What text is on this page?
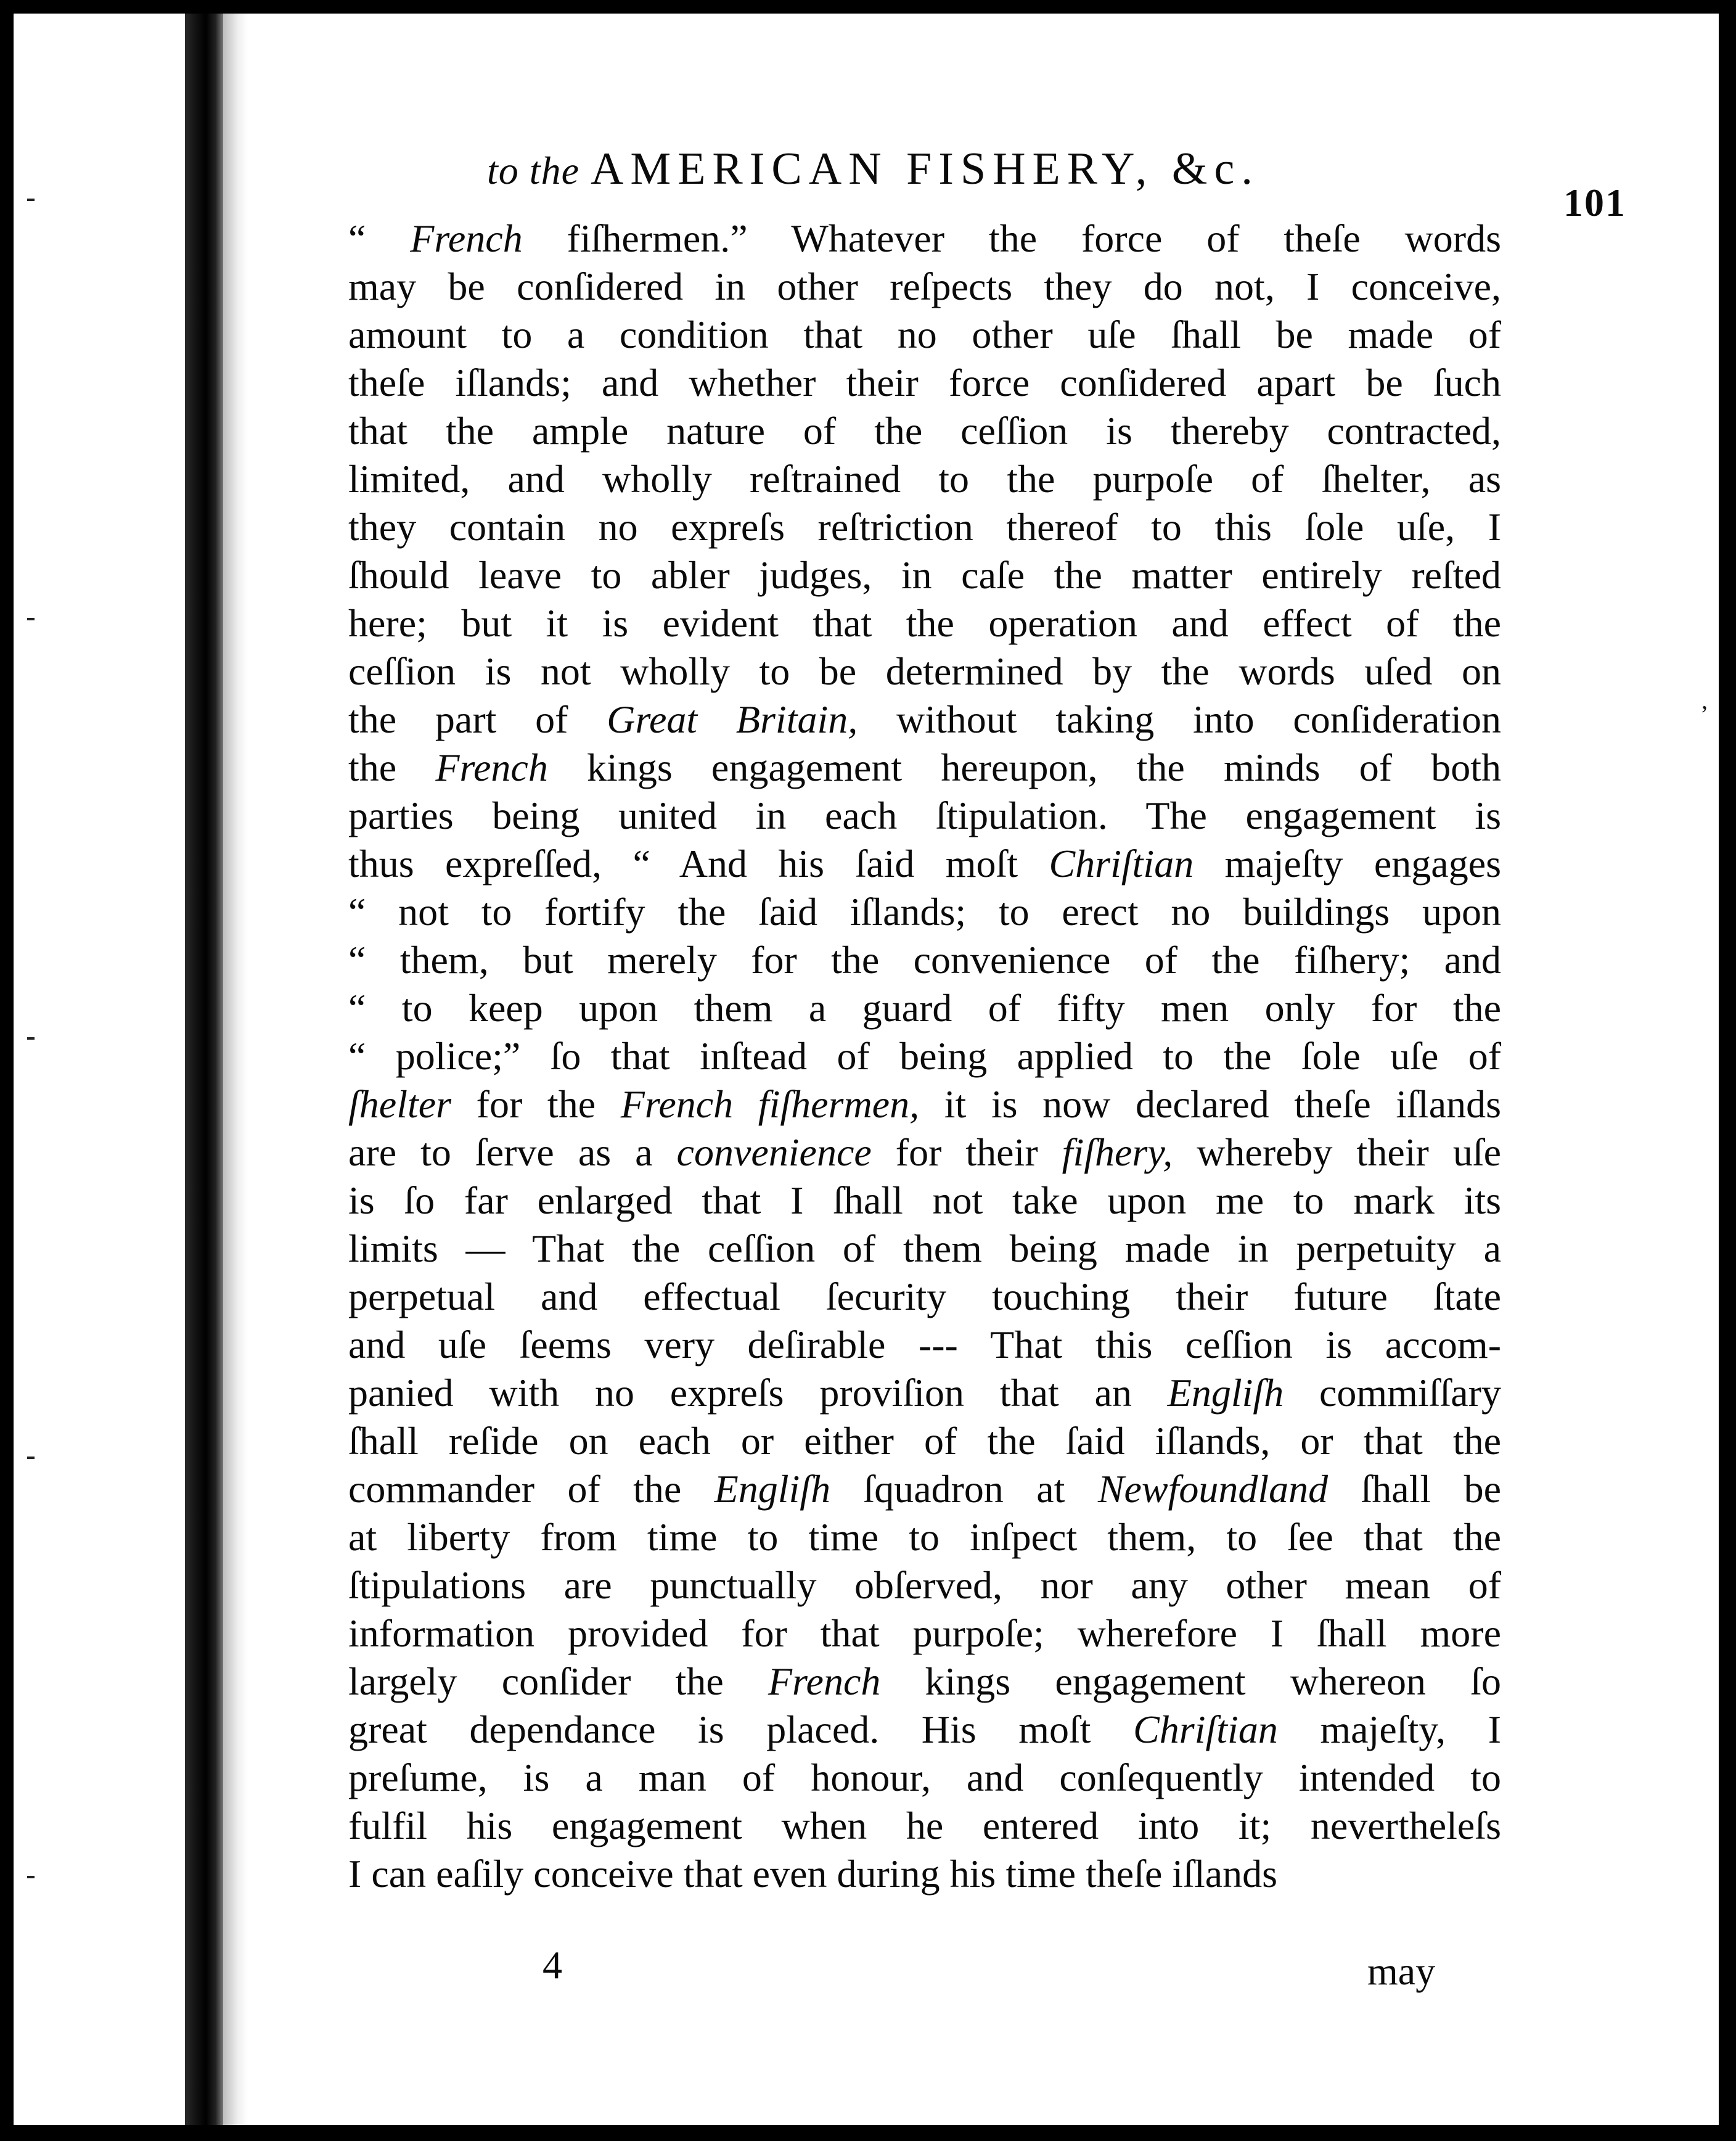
to the AMERICAN FISHERY, &c.
101
“ French fiſhermen.” Whatever the force of theſe words
may be conſidered in other reſpects they do not, I conceive,
amount to a condition that no other uſe ſhall be made of
theſe iſlands; and whether their force conſidered apart be ſuch
that the ample nature of the ceſſion is thereby contracted,
limited, and wholly reſtrained to the purpoſe of ſhelter, as
they contain no expreſs reſtriction thereof to this ſole uſe, I
ſhould leave to abler judges, in caſe the matter entirely reſted
here; but it is evident that the operation and effect of the
ceſſion is not wholly to be determined by the words uſed on
the part of Great Britain, without taking into conſideration
the French kings engagement hereupon, the minds of both
parties being united in each ſtipulation. The engagement is
thus expreſſed, “ And his ſaid moſt Chriſtian majeſty engages
“ not to fortify the ſaid iſlands; to erect no buildings upon
“ them, but merely for the convenience of the fiſhery; and
“ to keep upon them a guard of fifty men only for the
“ police;” ſo that inſtead of being applied to the ſole uſe of
ſhelter for the French fiſhermen, it is now declared theſe iſlands
are to ſerve as a convenience for their fiſhery, whereby their uſe
is ſo far enlarged that I ſhall not take upon me to mark its
limits — That the ceſſion of them being made in perpetuity a
perpetual and effectual ſecurity touching their future ſtate
and uſe ſeems very deſirable --- That this ceſſion is accom-
panied with no expreſs proviſion that an Engliſh commiſſary
ſhall reſide on each or either of the ſaid iſlands, or that the
commander of the Engliſh ſquadron at Newfoundland ſhall be
at liberty from time to time to inſpect them, to ſee that the
ſtipulations are punctually obſerved, nor any other mean of
information provided for that purpoſe; wherefore I ſhall more
largely conſider the French kings engagement whereon ſo
great dependance is placed. His moſt Chriſtian majeſty, I
preſume, is a man of honour, and conſequently intended to
fulfil his engagement when he entered into it; nevertheleſs
I can eaſily conceive that even during his time theſe iſlands
4	may
,
